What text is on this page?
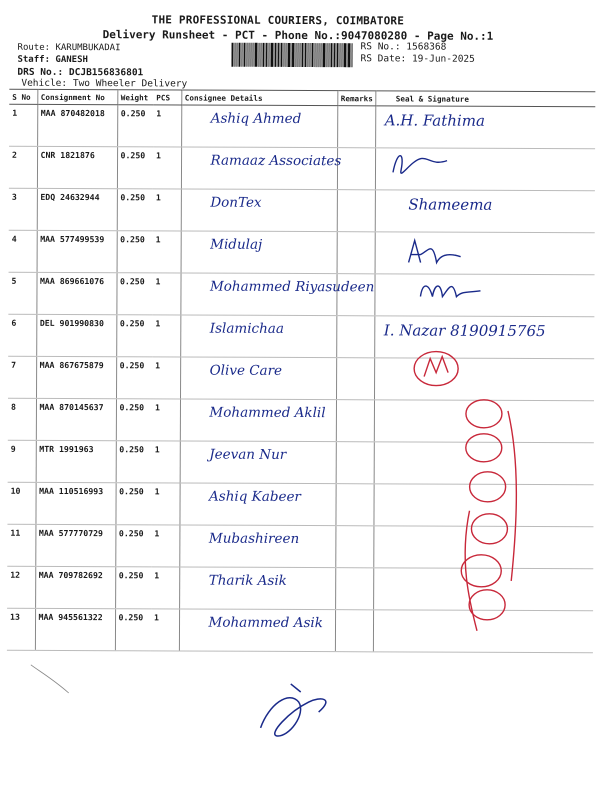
THE PROFESSIONAL COURIERS, COIMBATORE
Delivery Runsheet - PCT - Phone No.:9047080280 - Page No.:1
Route: KARUMBUKADAI
Staff: GANESH
DRS No.: DCJB156836801
Vehicle: Two Wheeler Delivery
RS No.: 1568368
RS Date: 19-Jun-2025
S No	Consignment No	Weight	PCS	Consignee Details	Remarks	Seal & Signature
1	MAA 870482018	0.250	1	Ashiq Ahmed		A.H. Fathima
2	CNR 1821876	0.250	1	Ramaaz Associates		
3	EDQ 24632944	0.250	1	DonTex		Shameema
4	MAA 577499539	0.250	1	Midulaj		
5	MAA 869661076	0.250	1	Mohammed Riyasudeen		
6	DEL 901990830	0.250	1	Islamichaa		I. Nazar 8190915765
7	MAA 867675879	0.250	1	Olive Care		
8	MAA 870145637	0.250	1	Mohammed Aklil		
9	MTR 1991963	0.250	1	Jeevan Nur		
10	MAA 110516993	0.250	1	Ashiq Kabeer		
11	MAA 577770729	0.250	1	Mubashireen		
12	MAA 709782692	0.250	1	Tharik Asik		
13	MAA 945561322	0.250	1	Mohammed Asik		
